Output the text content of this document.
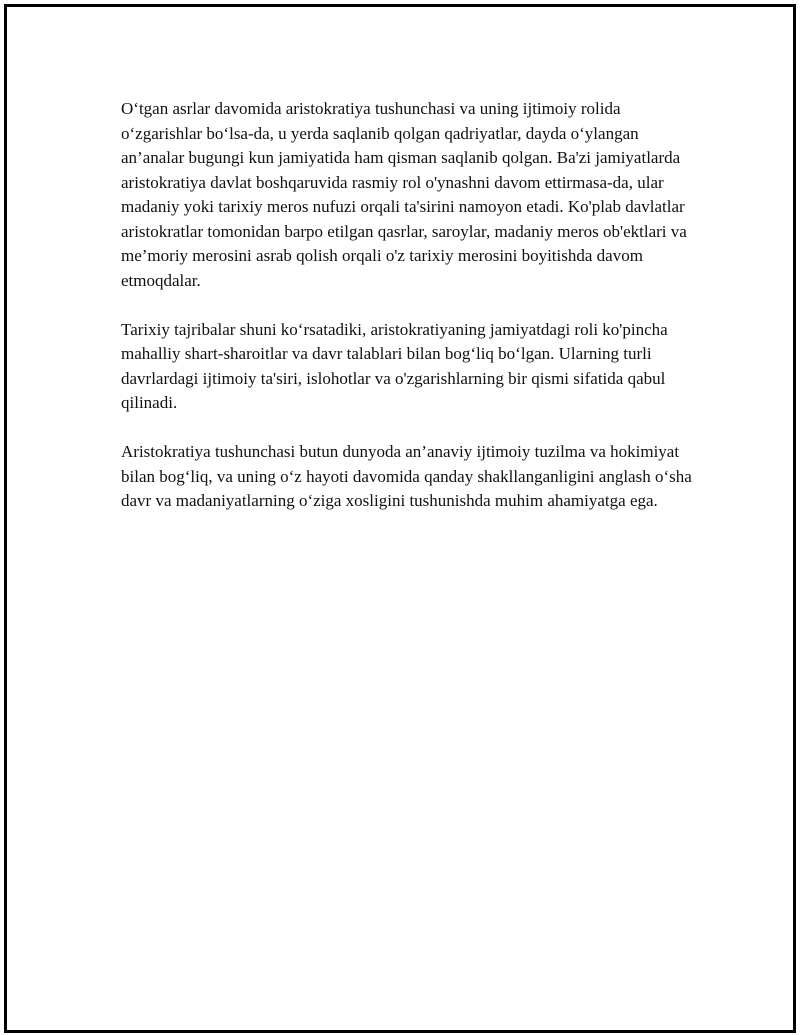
O‘tgan asrlar davomida aristokratiya tushunchasi va uning ijtimoiy rolida o‘zgarishlar bo‘lsa-da, u yerda saqlanib qolgan qadriyatlar, dayda o‘ylangan an’analar bugungi kun jamiyatida ham qisman saqlanib qolgan. Ba'zi jamiyatlarda aristokratiya davlat boshqaruvida rasmiy rol o'ynashni davom ettirmasa-da, ular madaniy yoki tarixiy meros nufuzi orqali ta'sirini namoyon etadi. Ko'plab davlatlar aristokratlar tomonidan barpo etilgan qasrlar, saroylar, madaniy meros ob'ektlari va me’moriy merosini asrab qolish orqali o'z tarixiy merosini boyitishda davom etmoqdalar.

Tarixiy tajribalar shuni ko‘rsatadiki, aristokratiyaning jamiyatdagi roli ko'pincha mahalliy shart-sharoitlar va davr talablari bilan bog‘liq bo‘lgan. Ularning turli davrlardagi ijtimoiy ta'siri, islohotlar va o'zgarishlarning bir qismi sifatida qabul qilinadi.

Aristokratiya tushunchasi butun dunyoda an’anaviy ijtimoiy tuzilma va hokimiyat bilan bog‘liq, va uning o‘z hayoti davomida qanday shakllanganligini anglash o‘sha davr va madaniyatlarning o‘ziga xosligini tushunishda muhim ahamiyatga ega.
